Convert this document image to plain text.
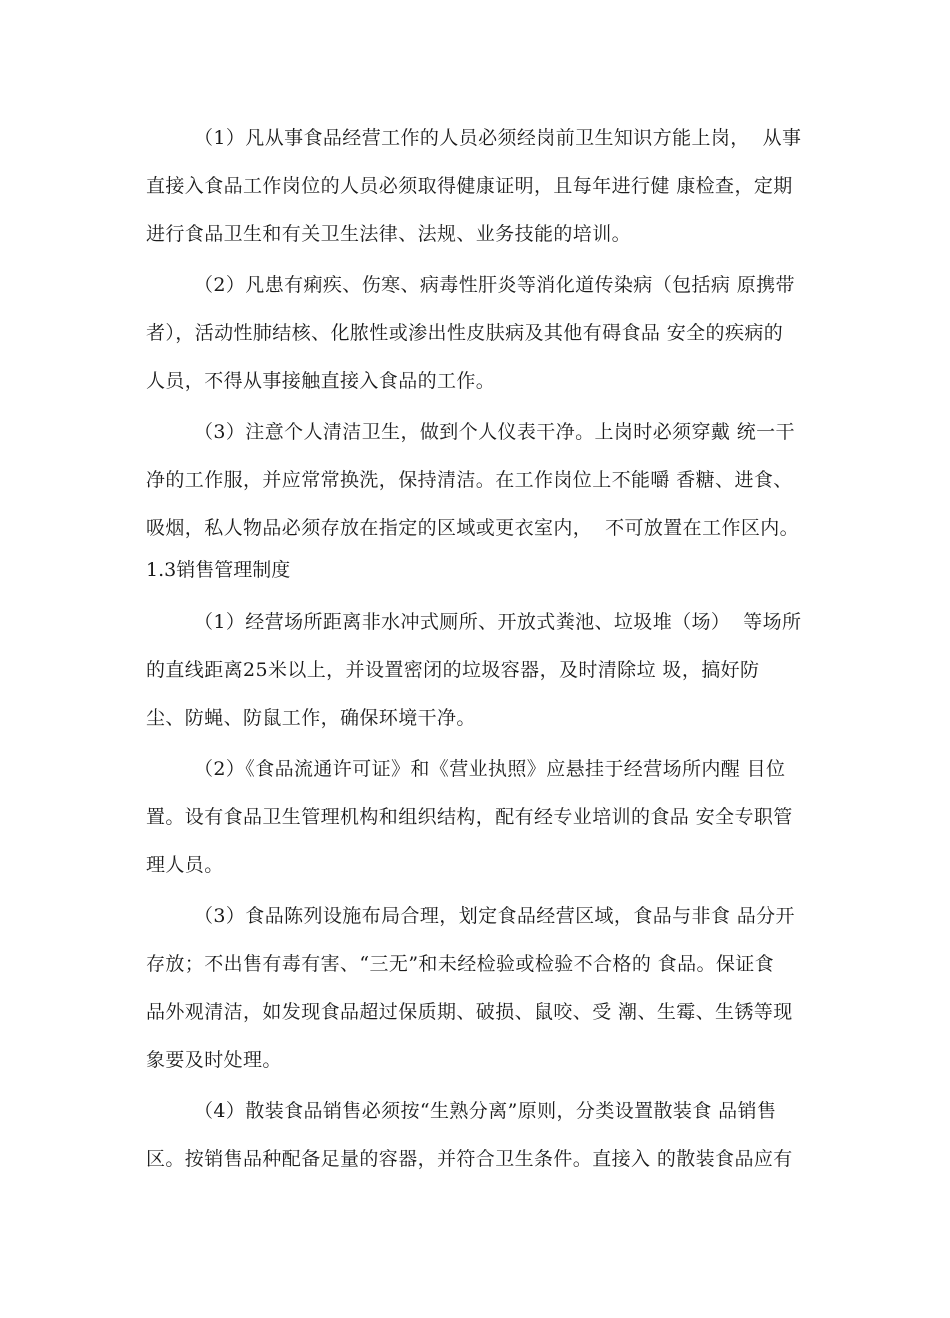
（1）凡从事食品经营工作的人员必须经岗前卫生知识方能上岗，  从事
直接入食品工作岗位的人员必须取得健康证明，且每年进行健 康检查，定期
进行食品卫生和有关卫生法律、法规、业务技能的培训。
（2）凡患有痢疾、伤寒、病毒性肝炎等消化道传染病（包括病 原携带
者），活动性肺结核、化脓性或渗出性皮肤病及其他有碍食品 安全的疾病的
人员，不得从事接触直接入食品的工作。
（3）注意个人清洁卫生，做到个人仪表干净。上岗时必须穿戴 统一干
净的工作服，并应常常换洗，保持清洁。在工作岗位上不能嚼 香糖、进食、
吸烟，私人物品必须存放在指定的区域或更衣室内，  不可放置在工作区内。
1.3销售管理制度
（1）经营场所距离非水冲式厕所、开放式粪池、垃圾堆（场）  等场所
的直线距离25米以上，并设置密闭的垃圾容器，及时清除垃 圾，搞好防
尘、防蝇、防鼠工作，确保环境干净。
（2）《食品流通许可证》和《营业执照》应悬挂于经营场所内醒 目位
置。设有食品卫生管理机构和组织结构，配有经专业培训的食品 安全专职管
理人员。
（3）食品陈列设施布局合理，划定食品经营区域，食品与非食 品分开
存放；不出售有毒有害、“三无”和未经检验或检验不合格的 食品。保证食
品外观清洁，如发现食品超过保质期、破损、鼠咬、受 潮、生霉、生锈等现
象要及时处理。
（4）散装食品销售必须按“生熟分离”原则，分类设置散装食 品销售
区。按销售品种配备足量的容器，并符合卫生条件。直接入 的散装食品应有
